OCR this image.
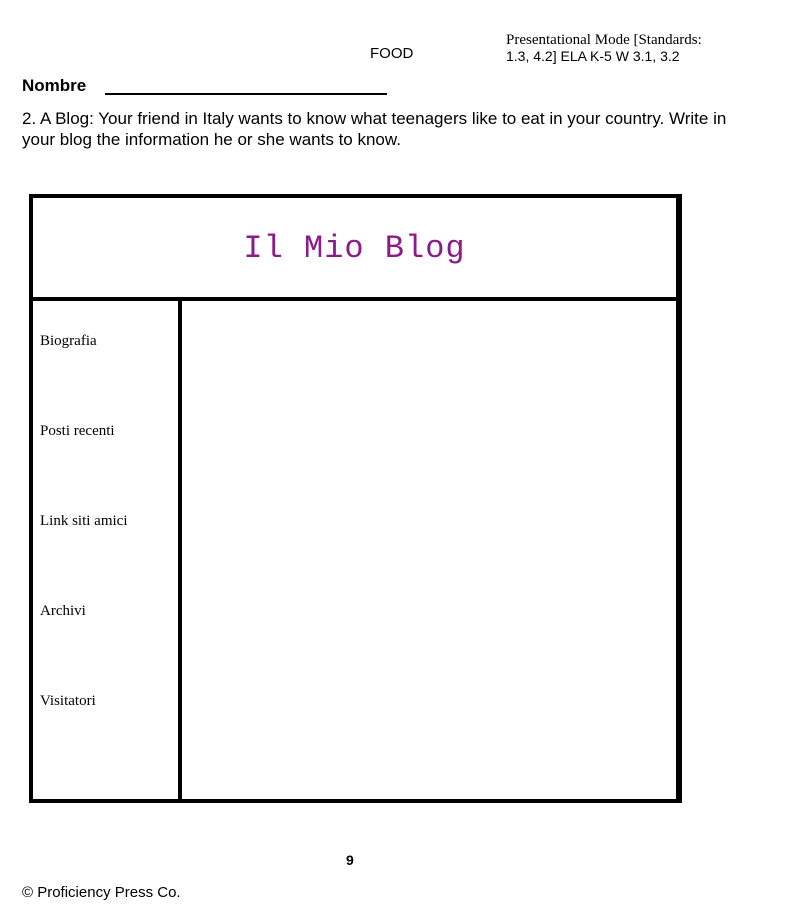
FOOD
Presentational Mode [Standards:
1.3, 4.2] ELA K-5 W 3.1, 3.2
Nombre
2. A Blog: Your friend in Italy wants to know what teenagers like to eat in your country. Write in your blog the information he or she wants to know.
Il Mio Blog
Biografia
Posti recenti
Link siti amici
Archivi
Visitatori
9
© Proficiency Press Co.
